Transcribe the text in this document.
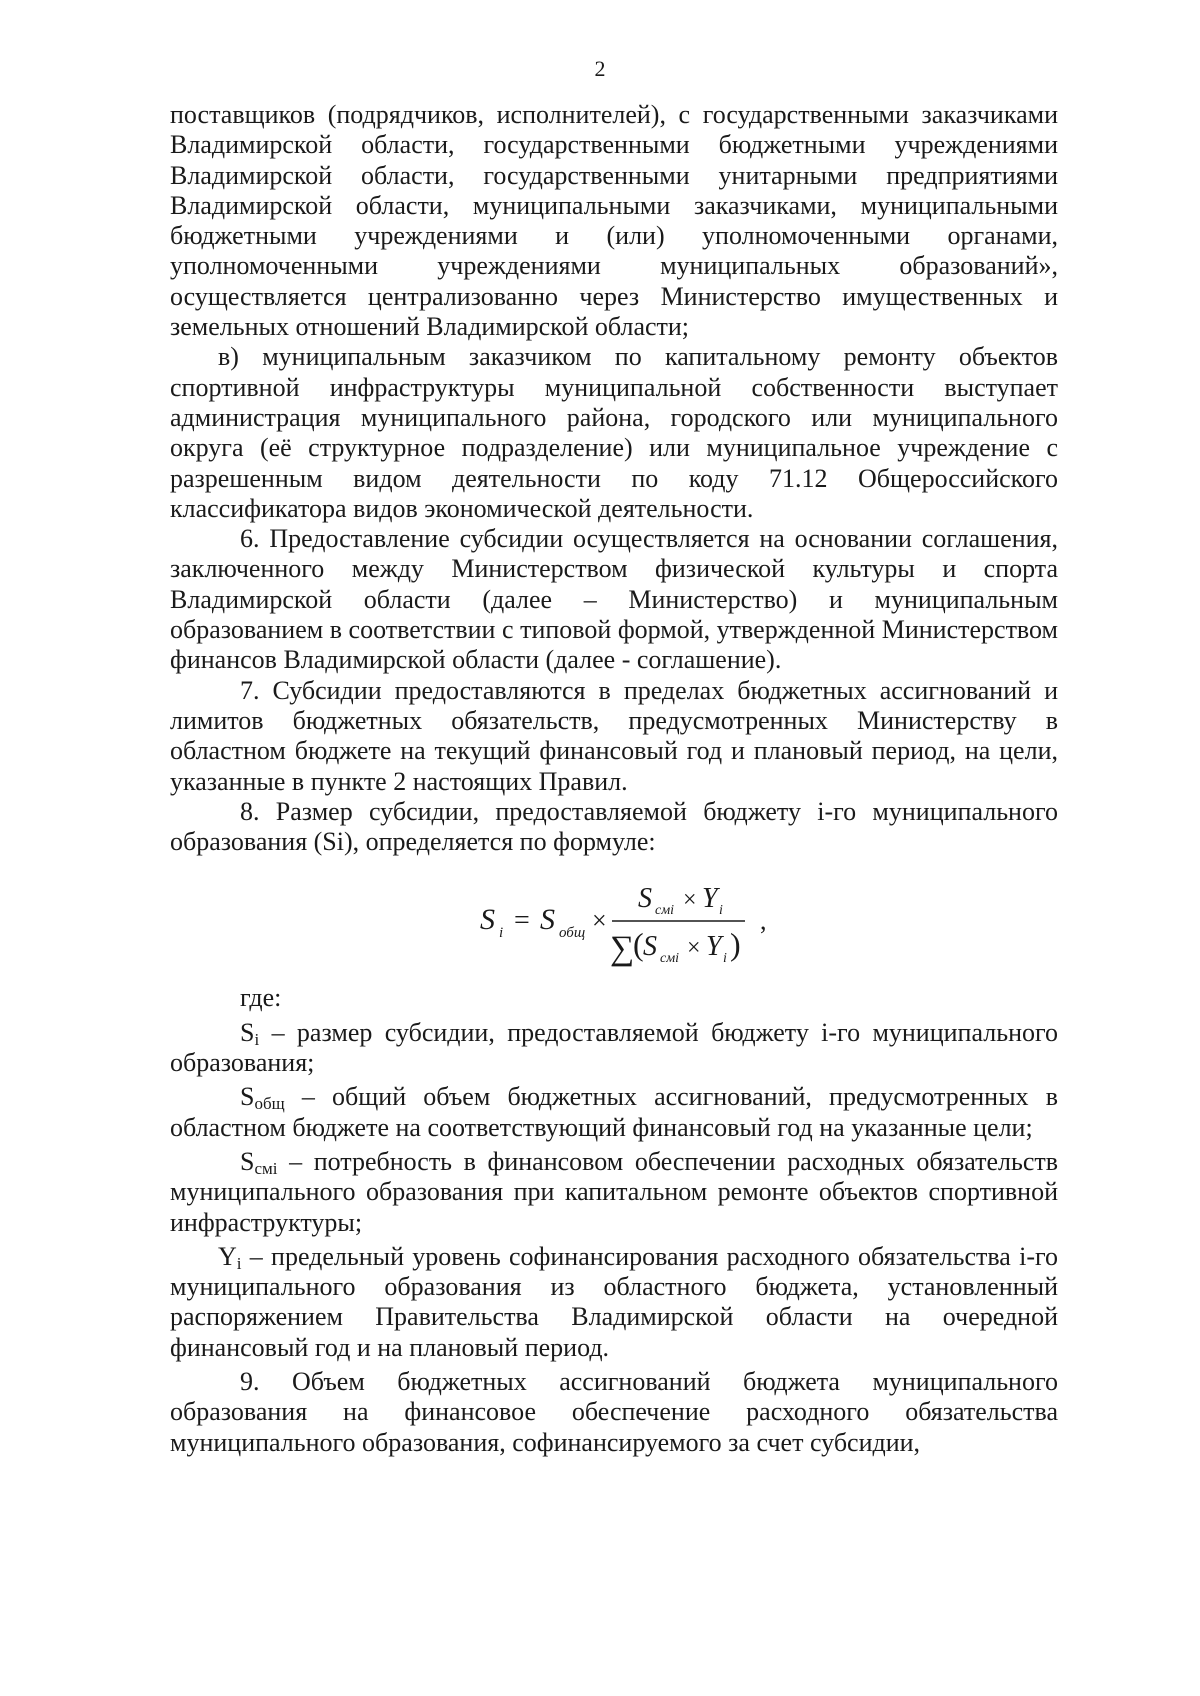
2

поставщиков (подрядчиков, исполнителей), с государственными заказчиками Владимирской области, государственными бюджетными учреждениями Владимирской области, государственными унитарными предприятиями Владимирской области, муниципальными заказчиками, муниципальными бюджетными учреждениями и (или) уполномоченными органами, уполномоченными учреждениями муниципальных образований», осуществляется централизованно через Министерство имущественных и земельных отношений Владимирской области;

в) муниципальным заказчиком по капитальному ремонту объектов спортивной инфраструктуры муниципальной собственности выступает администрация муниципального района, городского или муниципального округа (её структурное подразделение) или муниципальное учреждение с разрешенным видом деятельности по коду 71.12 Общероссийского классификатора видов экономической деятельности.

6. Предоставление субсидии осуществляется на основании соглашения, заключенного между Министерством физической культуры и спорта Владимирской области (далее – Министерство) и муниципальным образованием в соответствии с типовой формой, утвержденной Министерством финансов Владимирской области (далее - соглашение).

7. Субсидии предоставляются в пределах бюджетных ассигнований и лимитов бюджетных обязательств, предусмотренных Министерству в областном бюджете на текущий финансовый год и плановый период, на цели, указанные в пункте 2 настоящих Правил.

8. Размер субсидии, предоставляемой бюджету i-го муниципального образования (Si), определяется по формуле:

S i = S общ ×
S смi × Y i
∑
( S смi × Y i )
,

где:

$S_i$ – размер субсидии, предоставляемой бюджету i-го муниципального образования;

$S_{общ}$ – общий объем бюджетных ассигнований, предусмотренных в областном бюджете на соответствующий финансовый год на указанные цели;

$S_{смi}$ – потребность в финансовом обеспечении расходных обязательств муниципального образования при капитальном ремонте объектов спортивной инфраструктуры;

$Y_i$ – предельный уровень софинансирования расходного обязательства i-го муниципального образования из областного бюджета, установленный распоряжением Правительства Владимирской области на очередной финансовый год и на плановый период.

9. Объем бюджетных ассигнований бюджета муниципального образования на финансовое обеспечение расходного обязательства муниципального образования, софинансируемого за счет субсидии,
